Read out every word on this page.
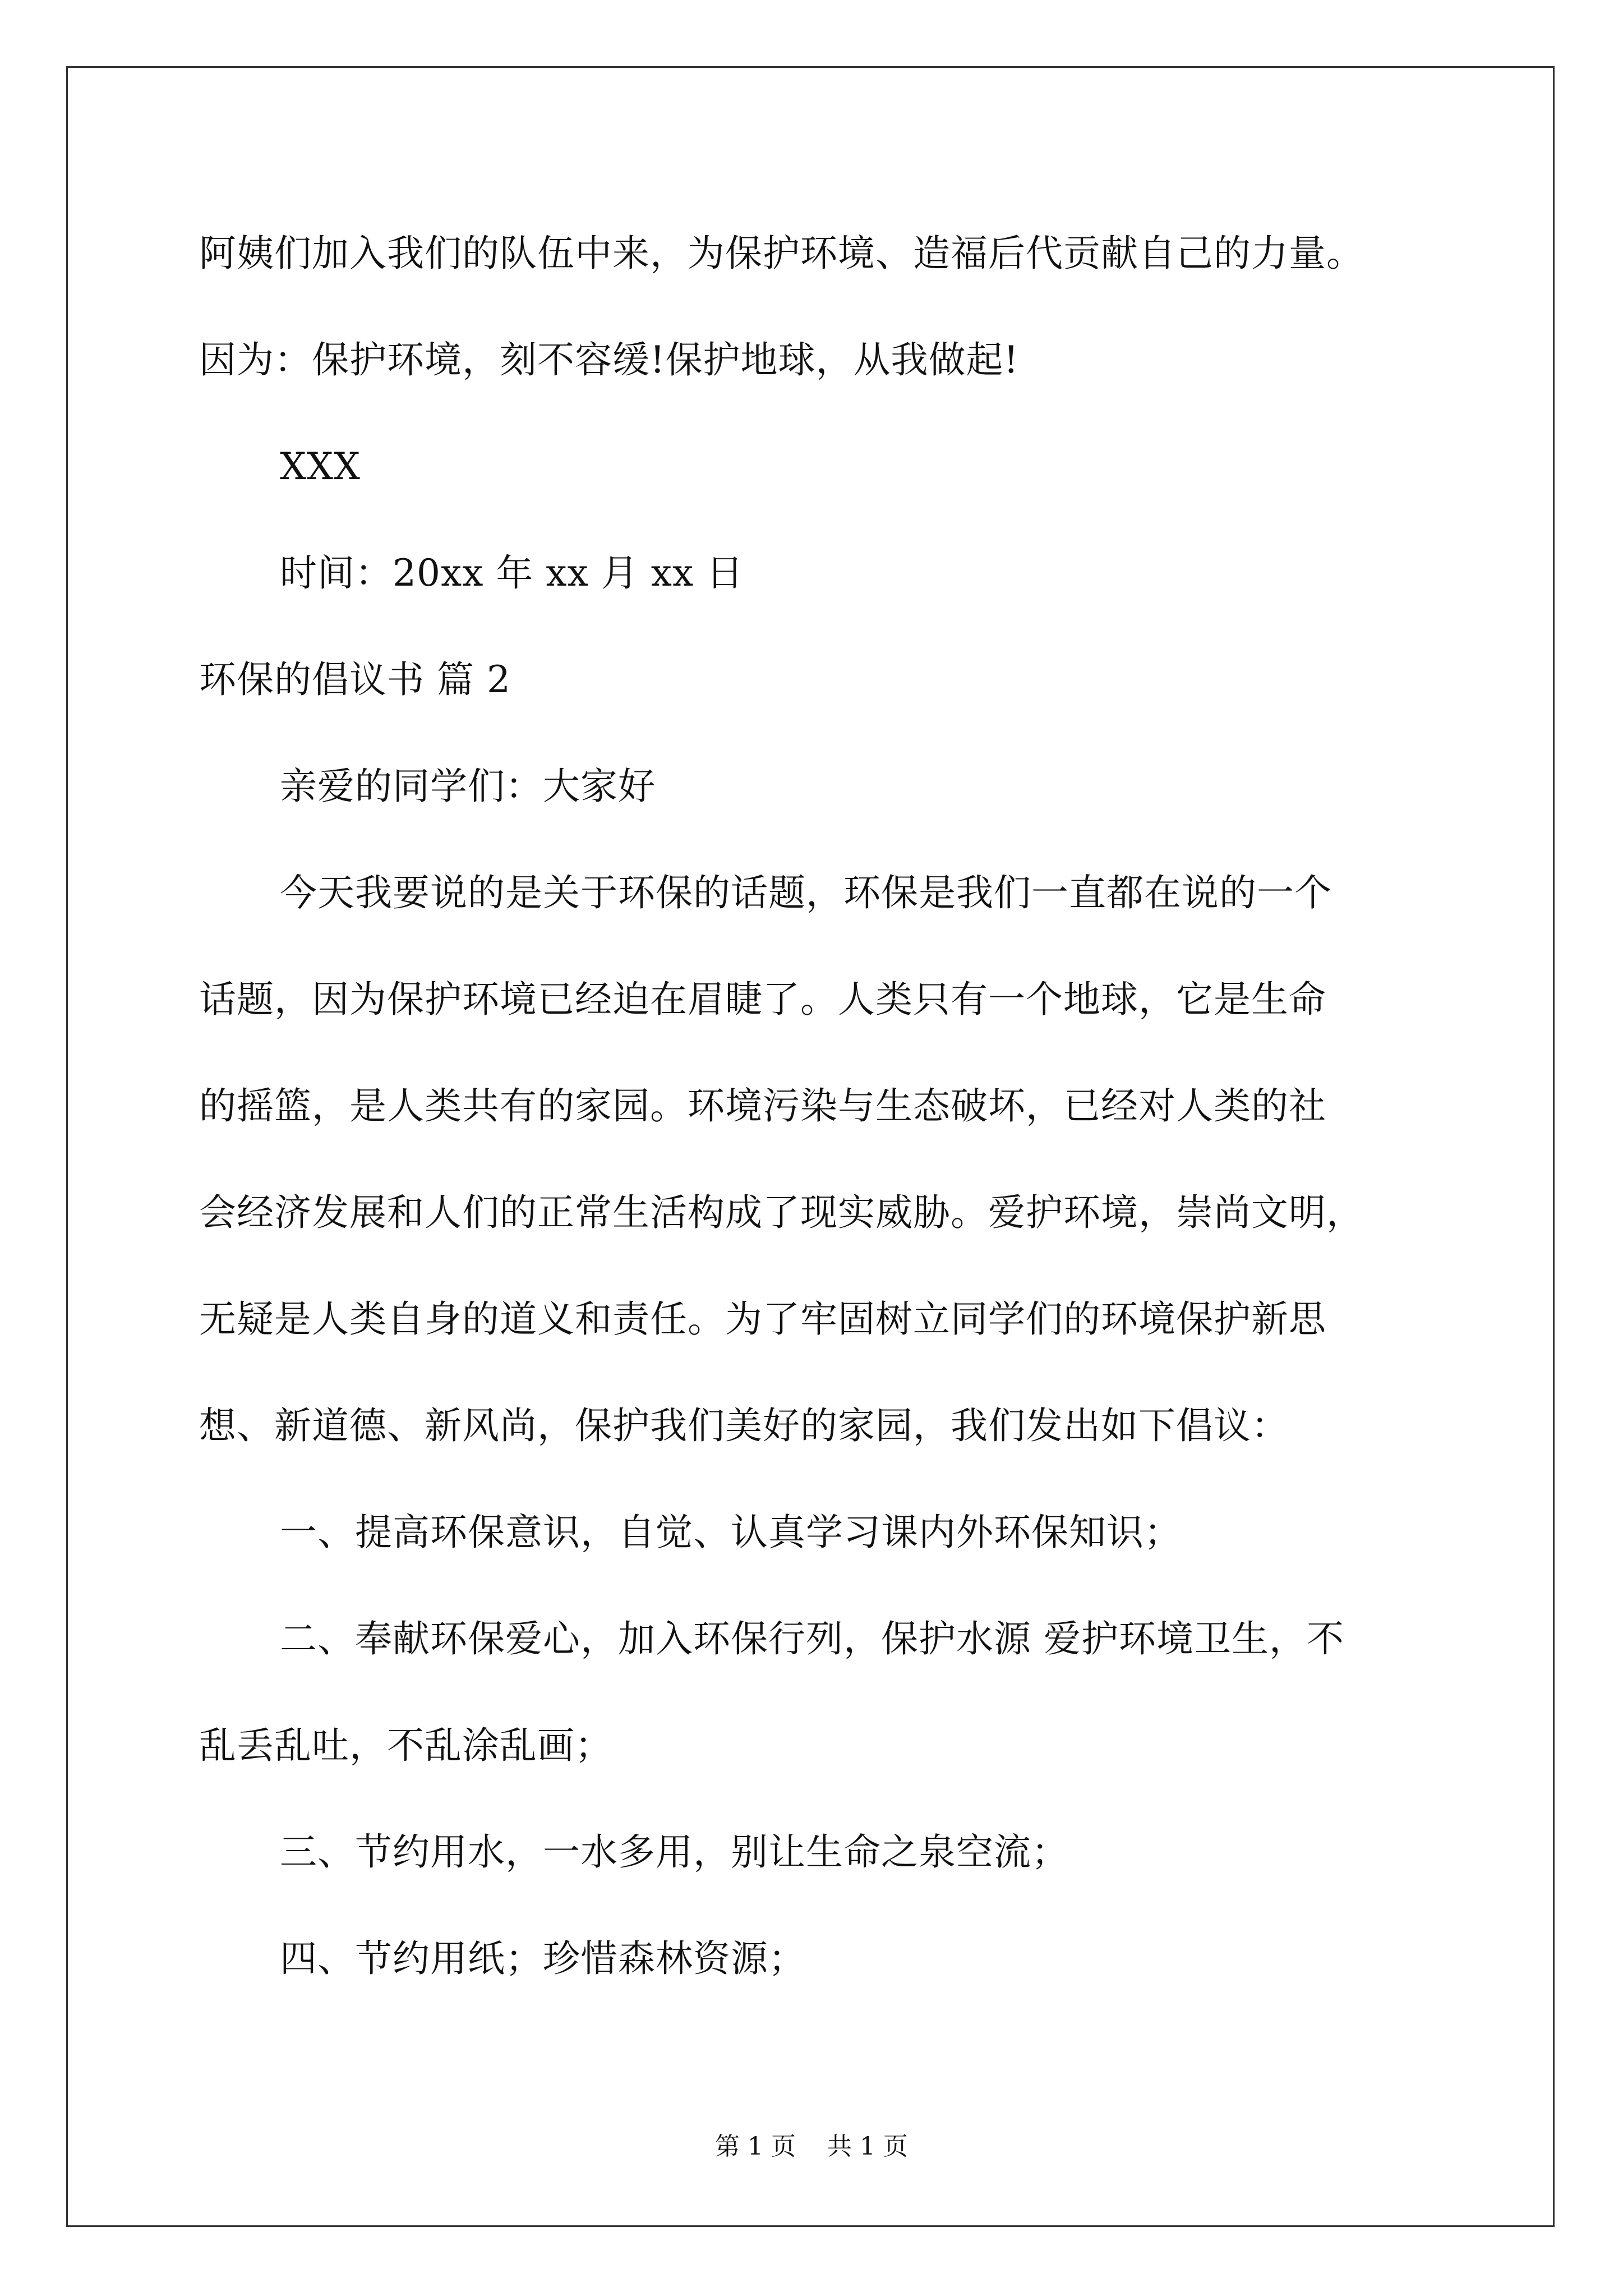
阿姨们加入我们的队伍中来，为保护环境、造福后代贡献自己的力量。
因为：保护环境，刻不容缓!保护地球，从我做起!
XXX
时间：20xx 年 xx 月 xx 日
环保的倡议书 篇 2
亲爱的同学们：大家好
今天我要说的是关于环保的话题，环保是我们一直都在说的一个
话题，因为保护环境已经迫在眉睫了。人类只有一个地球，它是生命
的摇篮，是人类共有的家园。环境污染与生态破坏，已经对人类的社
会经济发展和人们的正常生活构成了现实威胁。爱护环境，崇尚文明，
无疑是人类自身的道义和责任。为了牢固树立同学们的环境保护新思
想、新道德、新风尚，保护我们美好的家园，我们发出如下倡议：
一、提高环保意识，自觉、认真学习课内外环保知识；
二、奉献环保爱心，加入环保行列，保护水源 爱护环境卫生，不
乱丢乱吐，不乱涂乱画；
三、节约用水，一水多用，别让生命之泉空流；
四、节约用纸；珍惜森林资源；
第 1 页    共 1 页
